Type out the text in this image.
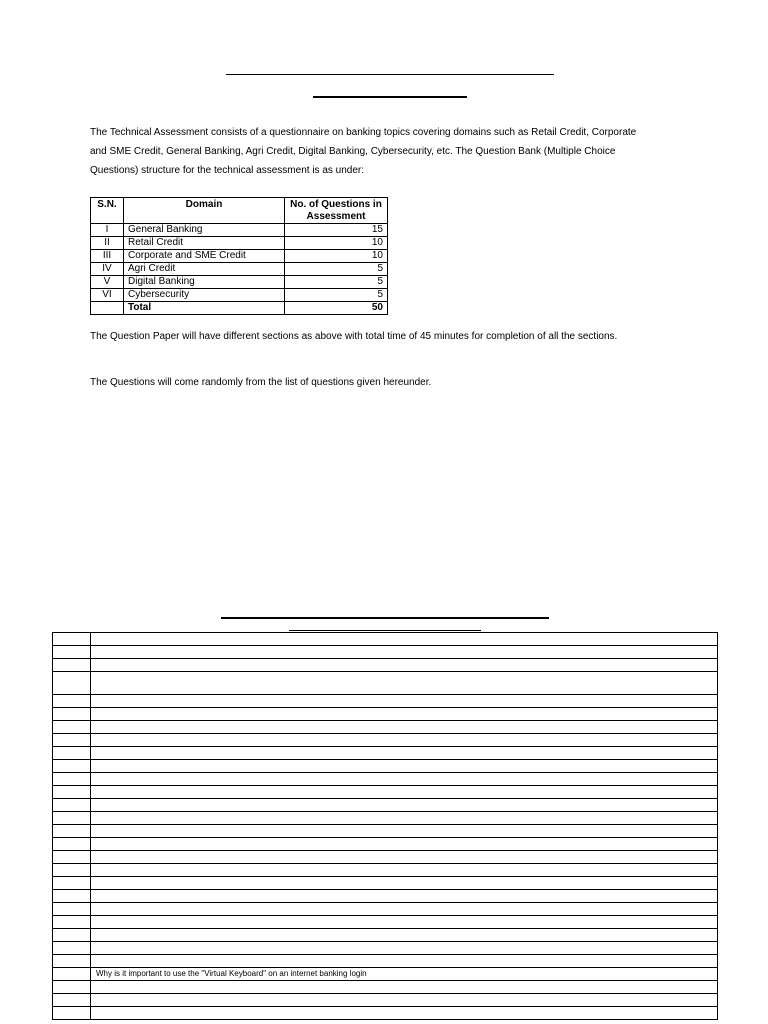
The Technical Assessment consists of a questionnaire on banking topics covering domains such as Retail Credit, Corporate and SME Credit, General Banking, Agri Credit, Digital Banking, Cybersecurity, etc. The Question Bank (Multiple Choice Questions) structure for the technical assessment is as under:

S.N.	Domain	No. of Questions in Assessment
I	General Banking	15
II	Retail Credit	10
III	Corporate and SME Credit	10
IV	Agri Credit	5
V	Digital Banking	5
VI	Cybersecurity	5
	Total	50

The Question Paper will have different sections as above with total time of 45 minutes for completion of all the sections.

The Questions will come randomly from the list of questions given hereunder.

	Why is it important to use the "Virtual Keyboard" on an internet banking login
